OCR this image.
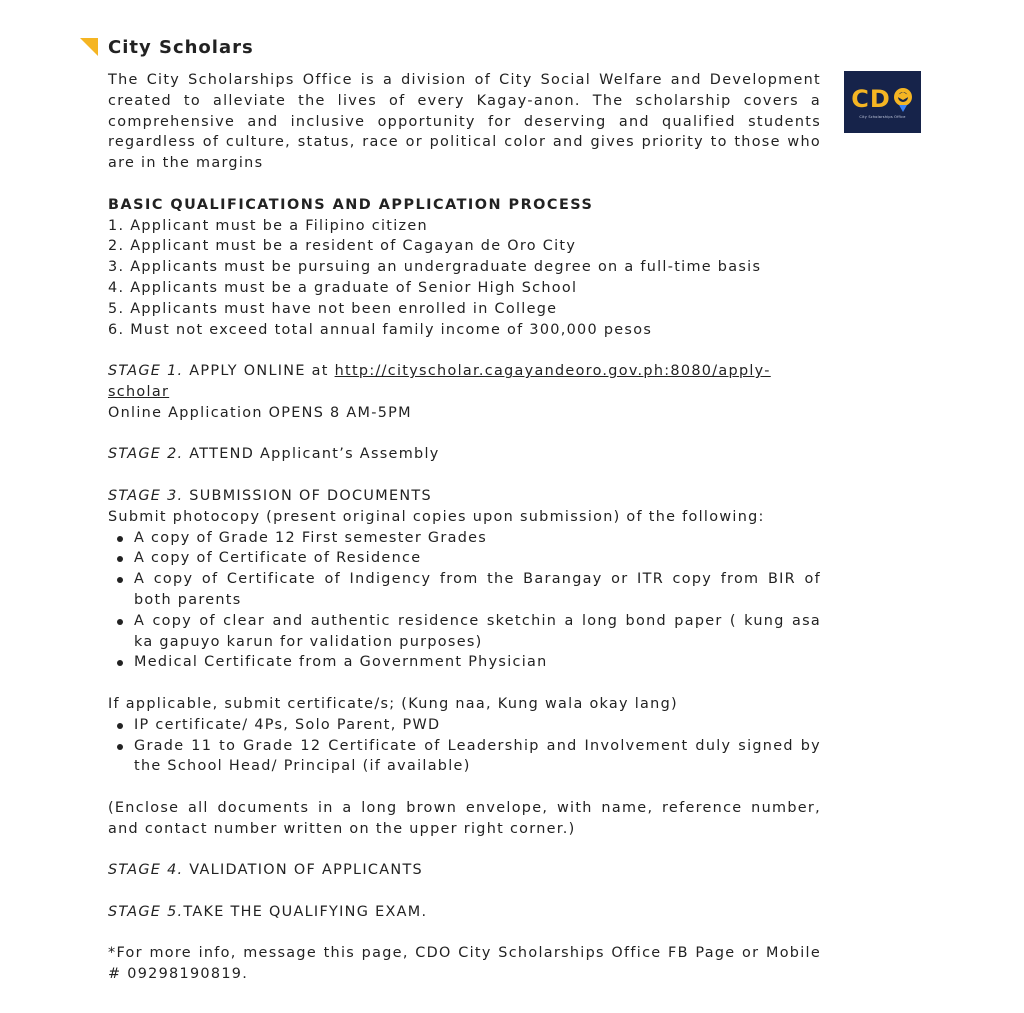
City Scholars
C D
City Scholarships Office

The City Scholarships Office is a division of City Social Welfare and Development created to alleviate the lives of every Kagay-anon. The scholarship covers a comprehensive and inclusive opportunity for deserving and qualified students regardless of culture, status, race or political color and gives priority to those who are in the margins

BASIC QUALIFICATIONS AND APPLICATION PROCESS
1. Applicant must be a Filipino citizen
2. Applicant must be a resident of Cagayan de Oro City
3. Applicants must be pursuing an undergraduate degree on a full-time basis
4. Applicants must be a graduate of Senior High School
5. Applicants must have not been enrolled in College
6. Must not exceed total annual family income of 300,000 pesos
STAGE 1. APPLY ONLINE at http://cityscholar.cagayandeoro.gov.ph:8080/apply-scholar
Online Application OPENS 8 AM-5PM
STAGE 2. ATTEND Applicant’s Assembly
STAGE 3. SUBMISSION OF DOCUMENTS
Submit photocopy (present original copies upon submission) of the following:
A copy of Grade 12 First semester Grades
A copy of Certificate of Residence
A copy of Certificate of Indigency from the Barangay or ITR copy from BIR of both parents
A copy of clear and authentic residence sketchin a long bond paper ( kung asa ka gapuyo karun for validation purposes)
Medical Certificate from a Government Physician
If applicable, submit certificate/s; (Kung naa, Kung wala okay lang)
IP certificate/ 4Ps, Solo Parent, PWD
Grade 11 to Grade 12 Certificate of Leadership and Involvement duly signed by the School Head/ Principal (if available)
(Enclose all documents in a long brown envelope, with name, reference number, and contact number written on the upper right corner.)
STAGE 4. VALIDATION OF APPLICANTS
STAGE 5.TAKE THE QUALIFYING EXAM.
*For more info, message this page, CDO City Scholarships Office FB Page or Mobile # 09298190819.
